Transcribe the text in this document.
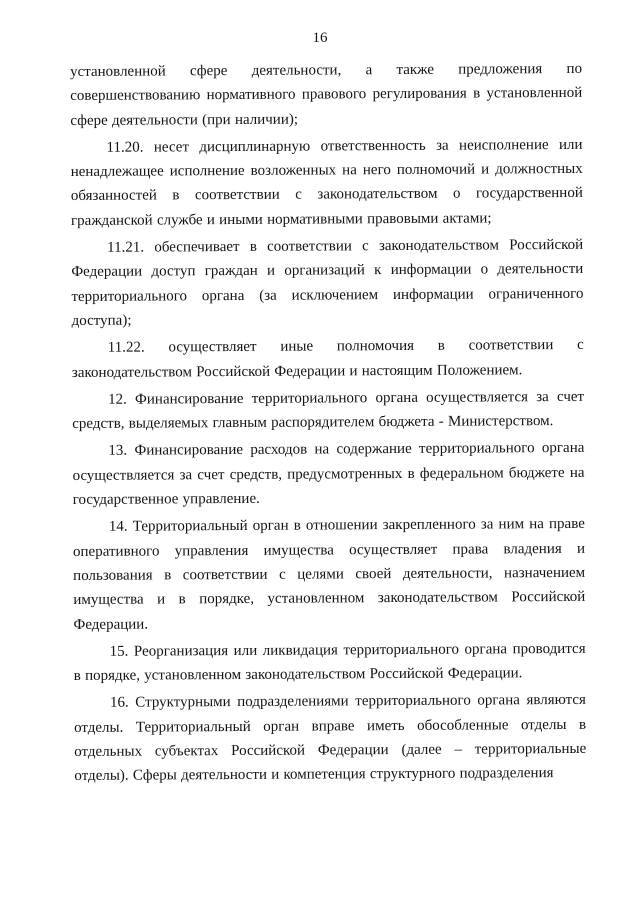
16

установленной сфере деятельности, а также предложения по совершенствованию нормативного правового регулирования в установленной сфере деятельности (при наличии);

11.20. несет дисциплинарную ответственность за неисполнение или ненадлежащее исполнение возложенных на него полномочий и должностных обязанностей в соответствии с законодательством о государственной гражданской службе и иными нормативными правовыми актами;

11.21. обеспечивает в соответствии с законодательством Российской Федерации доступ граждан и организаций к информации о деятельности территориального органа (за исключением информации ограниченного доступа);

11.22. осуществляет иные полномочия в соответствии с законодательством Российской Федерации и настоящим Положением.

12. Финансирование территориального органа осуществляется за счет средств, выделяемых главным распорядителем бюджета - Министерством.

13. Финансирование расходов на содержание территориального органа осуществляется за счет средств, предусмотренных в федеральном бюджете на государственное управление.

14. Территориальный орган в отношении закрепленного за ним на праве оперативного управления имущества осуществляет права владения и пользования в соответствии с целями своей деятельности, назначением имущества и в порядке, установленном законодательством Российской Федерации.

15. Реорганизация или ликвидация территориального органа проводится в порядке, установленном законодательством Российской Федерации.

16. Структурными подразделениями территориального органа являются отделы. Территориальный орган вправе иметь обособленные отделы в отдельных субъектах Российской Федерации (далее – территориальные отделы). Сферы деятельности и компетенция структурного подразделения
